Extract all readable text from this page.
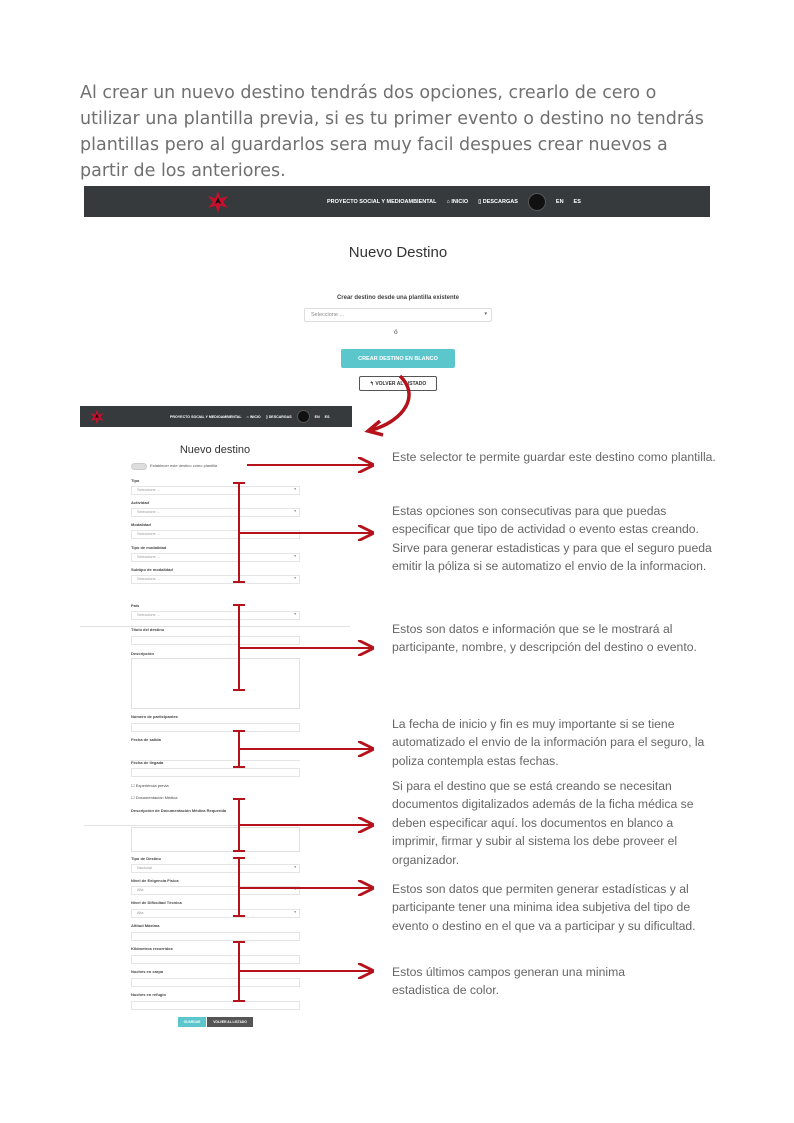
Al crear un nuevo destino tendrás dos opciones, crearlo de cero o utilizar una plantilla previa, si es tu primer evento o destino no tendrás plantillas pero al guardarlos sera muy facil despues crear nuevos a partir de los anteriores.

PROYECTO SOCIAL Y MEDIOAMBIENTAL ⌂ INICIO ▯ DESCARGAS	EN ES
Nuevo Destino
Crear destino desde una plantilla existente
Seleccione ...	▾
ó
CREAR DESTINO EN BLANCO
↰ VOLVER AL LISTADO
PROYECTO SOCIAL Y MEDIOAMBIENTAL ⌂ INICIO ▯ DESCARGAS	EN ES
Nuevo destino
Establecer este destino como plantilla
Tipo
Seleccione ...	▾
Actividad
Seleccione ...	▾
Modalidad
Seleccione ...	▾
Tipo de modalidad
Seleccione ...	▾
Subtipo de modalidad
Seleccione ...	▾
País
Seleccione ...	▾
Título del destino
Descripción
Número de participantes
Fecha de salida
Fecha de llegada
☐ Experiencia previa
☐ Documentación Médica
Descripción de Documentación Médica Requerida
Tipo de Destino
Nacional	▾
Nivel de Exigencia Física
Alta	▾
Nivel de Dificultad Técnica
Alta	▾
Altitud Máxima
Kilómetros recorridos
Noches en carpa
Noches en refugio
GUARDAR	VOLVER AL LISTADO

Este selector te permite guardar este destino como plantilla.

Estas opciones son consecutivas para que puedas especificar que tipo de actividad o evento estas creando. Sirve para generar estadisticas y para que el seguro pueda emitir la póliza si se automatizo el envio de la informacion.

Estos son datos e información que se le mostrará al participante, nombre, y descripción del destino o evento.

La fecha de inicio y fin es muy importante si se tiene automatizado el envio de la información para el seguro, la poliza contempla estas fechas.

Si para el destino que se está creando se necesitan documentos digitalizados además de la ficha médica se deben especificar aquí. los documentos en blanco a imprimir, firmar y subir al sistema los debe proveer el organizador.

Estos son datos que permiten generar estadísticas y al participante tener una minima idea subjetiva del tipo de evento o destino en el que va a participar y su dificultad.

Estos últimos campos generan una minima estadistica de color.
